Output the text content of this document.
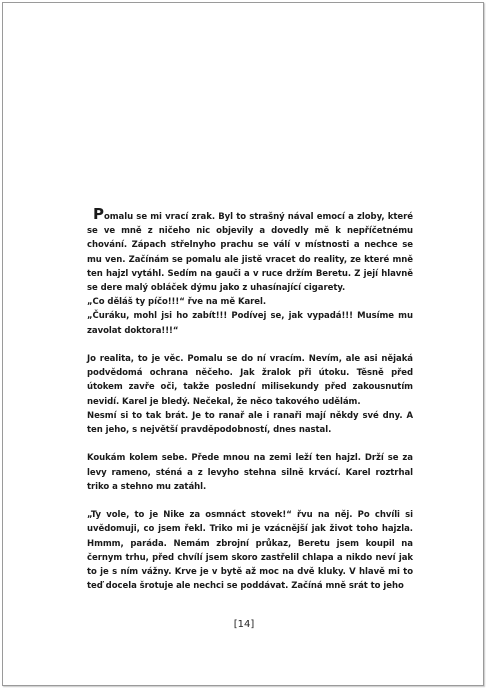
Pomalu se mi vrací zrak. Byl to strašný nával emocí a zloby, které se ve mně z ničeho nic objevily a dovedly mě k nepříčetnému chování. Zápach střelnyho prachu se válí v místnosti a nechce se mu ven. Začínám se pomalu ale jistě vracet do reality, ze které mně ten hajzl vytáhl. Sedím na gauči a v ruce držím Beretu. Z její hlavně se dere malý obláček dýmu jako z uhasínající cigarety.

„Co děláš ty píčo!!!“ řve na mě Karel.

„Čuráku, mohl jsi ho zabít!!! Podívej se, jak vypadá!!! Musíme mu zavolat doktora!!!“

Jo realita, to je věc. Pomalu se do ní vracím. Nevím, ale asi nějaká podvědomá ochrana něčeho. Jak žralok při útoku. Těsně před útokem zavře oči, takže poslední milisekundy před zakousnutím nevidí. Karel je bledý. Nečekal, že něco takového udělám.

Nesmí si to tak brát. Je to ranař ale i ranaři mají někdy své dny. A ten jeho, s největší pravděpodobností, dnes nastal.

Koukám kolem sebe. Přede mnou na zemi leží ten hajzl. Drží se za levy rameno, sténá a z levyho stehna silně krvácí. Karel roztrhal triko a stehno mu zatáhl.

„Ty vole, to je Nike za osmnáct stovek!“ řvu na něj. Po chvíli si uvědomuji, co jsem řekl. Triko mi je vzácnější jak život toho hajzla. Hmmm, paráda. Nemám zbrojní průkaz, Beretu jsem koupil na černym trhu, před chvílí jsem skoro zastřelil chlapa a nikdo neví jak to je s ním vážny. Krve je v bytě až moc na dvě kluky. V hlavě mi to teď docela šrotuje ale nechci se poddávat. Začíná mně srát to jeho

[14]
